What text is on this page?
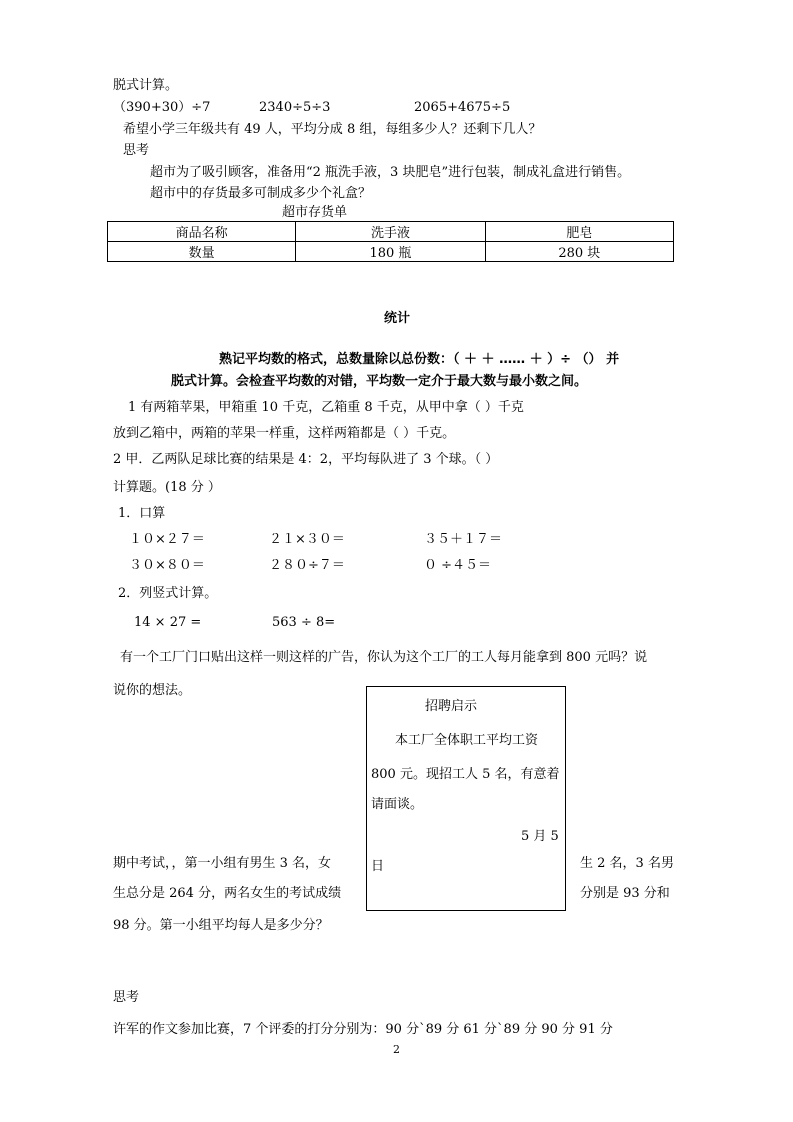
脱式计算。
（390+30）÷7	2340÷5÷3	2065+4675÷5
希望小学三年级共有 49 人，平均分成 8 组，每组多少人？还剩下几人？
思考
超市为了吸引顾客，准备用“2 瓶洗手液，3 块肥皂”进行包装，制成礼盒进行销售。
超市中的存货最多可制成多少个礼盒？
超市存货单
商品名称	洗手液	肥皂
数量	180 瓶	280 块
统计
熟记平均数的格式，总数量除以总份数：（ ＋ ＋ …… ＋ ）÷ （） 并
脱式计算。会检查平均数的对错，平均数一定介于最大数与最小数之间。
1 有两箱苹果，甲箱重 10 千克，乙箱重 8 千克，从甲中拿（ ）千克
放到乙箱中，两箱的苹果一样重，这样两箱都是（ ）千克。
2 甲．乙两队足球比赛的结果是 4：2，平均每队进了 3 个球。（ ）
计算题。(18 分 ）
1．口算
１０×２７＝	２１×３０＝	３５＋１７＝
３０×８０＝	２８０÷７＝	０ ÷４５＝
2．列竖式计算。
14 × 27 =	563 ÷ 8=
有一个工厂门口贴出这样一则这样的广告，你认为这个工厂的工人每月能拿到 800 元吗？说
说你的想法。
招聘启示
本工厂全体职工平均工资
800 元。现招工人 5 名，有意着
请面谈。
5 月 5
日
期中考试，，第一小组有男生 3 名，女	生 2 名，3 名男
生总分是 264 分，两名女生的考试成绩	分别是 93 分和
98 分。第一小组平均每人是多少分？
思考
许军的作文参加比赛，7 个评委的打分分别为：90 分`89 分 61 分`89 分 90 分 91 分
2
